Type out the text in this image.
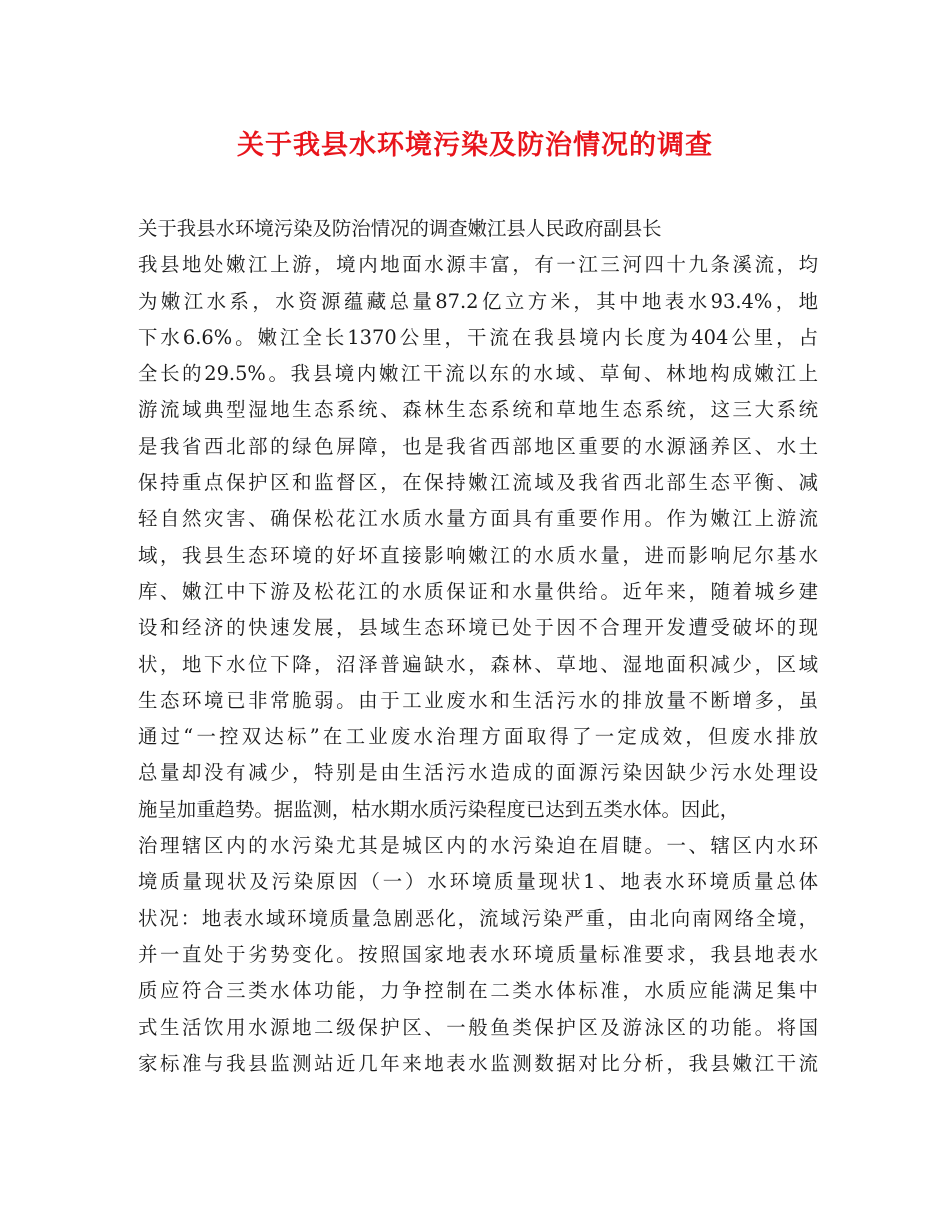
关于我县水环境污染及防治情况的调查
关于我县水环境污染及防治情况的调查嫩江县人民政府副县长
我县地处嫩江上游，境内地面水源丰富，有一江三河四十九条溪流，均
为嫩江水系，水资源蕴藏总量87.2亿立方米，其中地表水93.4%，地
下水6.6%。嫩江全长1370公里，干流在我县境内长度为404公里，占
全长的29.5%。我县境内嫩江干流以东的水域、草甸、林地构成嫩江上
游流域典型湿地生态系统、森林生态系统和草地生态系统，这三大系统
是我省西北部的绿色屏障，也是我省西部地区重要的水源涵养区、水土
保持重点保护区和监督区，在保持嫩江流域及我省西北部生态平衡、减
轻自然灾害、确保松花江水质水量方面具有重要作用。作为嫩江上游流
域，我县生态环境的好坏直接影响嫩江的水质水量，进而影响尼尔基水
库、嫩江中下游及松花江的水质保证和水量供给。近年来，随着城乡建
设和经济的快速发展，县域生态环境已处于因不合理开发遭受破坏的现
状，地下水位下降，沼泽普遍缺水，森林、草地、湿地面积减少，区域
生态环境已非常脆弱。由于工业废水和生活污水的排放量不断增多，虽
通过“一控双达标”在工业废水治理方面取得了一定成效，但废水排放
总量却没有减少，特别是由生活污水造成的面源污染因缺少污水处理设
施呈加重趋势。据监测，枯水期水质污染程度已达到五类水体。因此，
治理辖区内的水污染尤其是城区内的水污染迫在眉睫。一、辖区内水环
境质量现状及污染原因（一）水环境质量现状1、地表水环境质量总体
状况：地表水域环境质量急剧恶化，流域污染严重，由北向南网络全境，
并一直处于劣势变化。按照国家地表水环境质量标准要求，我县地表水
质应符合三类水体功能，力争控制在二类水体标准，水质应能满足集中
式生活饮用水源地二级保护区、一般鱼类保护区及游泳区的功能。将国
家标准与我县监测站近几年来地表水监测数据对比分析，我县嫩江干流
